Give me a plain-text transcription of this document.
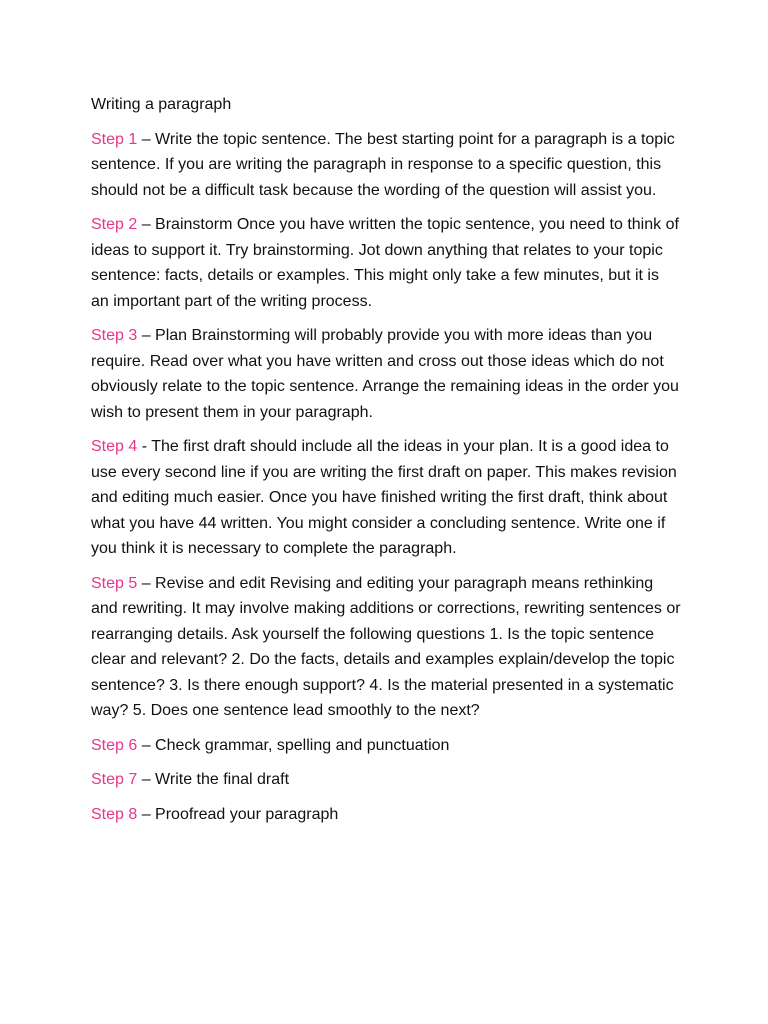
Writing a paragraph

Step 1 – Write the topic sentence. The best starting point for a paragraph is a topic sentence. If you are writing the paragraph in response to a specific question, this should not be a difficult task because the wording of the question will assist you.

Step 2 – Brainstorm Once you have written the topic sentence, you need to think of ideas to support it. Try brainstorming. Jot down anything that relates to your topic sentence: facts, details or examples. This might only take a few minutes, but it is an important part of the writing process.

Step 3 – Plan Brainstorming will probably provide you with more ideas than you require. Read over what you have written and cross out those ideas which do not obviously relate to the topic sentence. Arrange the remaining ideas in the order you wish to present them in your paragraph.

Step 4 - The first draft should include all the ideas in your plan. It is a good idea to use every second line if you are writing the first draft on paper. This makes revision and editing much easier. Once you have finished writing the first draft, think about what you have 44 written. You might consider a concluding sentence. Write one if you think it is necessary to complete the paragraph.

Step 5 – Revise and edit Revising and editing your paragraph means rethinking and rewriting. It may involve making additions or corrections, rewriting sentences or rearranging details. Ask yourself the following questions 1. Is the topic sentence clear and relevant? 2. Do the facts, details and examples explain/develop the topic sentence? 3. Is there enough support? 4. Is the material presented in a systematic way? 5. Does one sentence lead smoothly to the next?

Step 6 – Check grammar, spelling and punctuation

Step 7 – Write the final draft

Step 8 – Proofread your paragraph
